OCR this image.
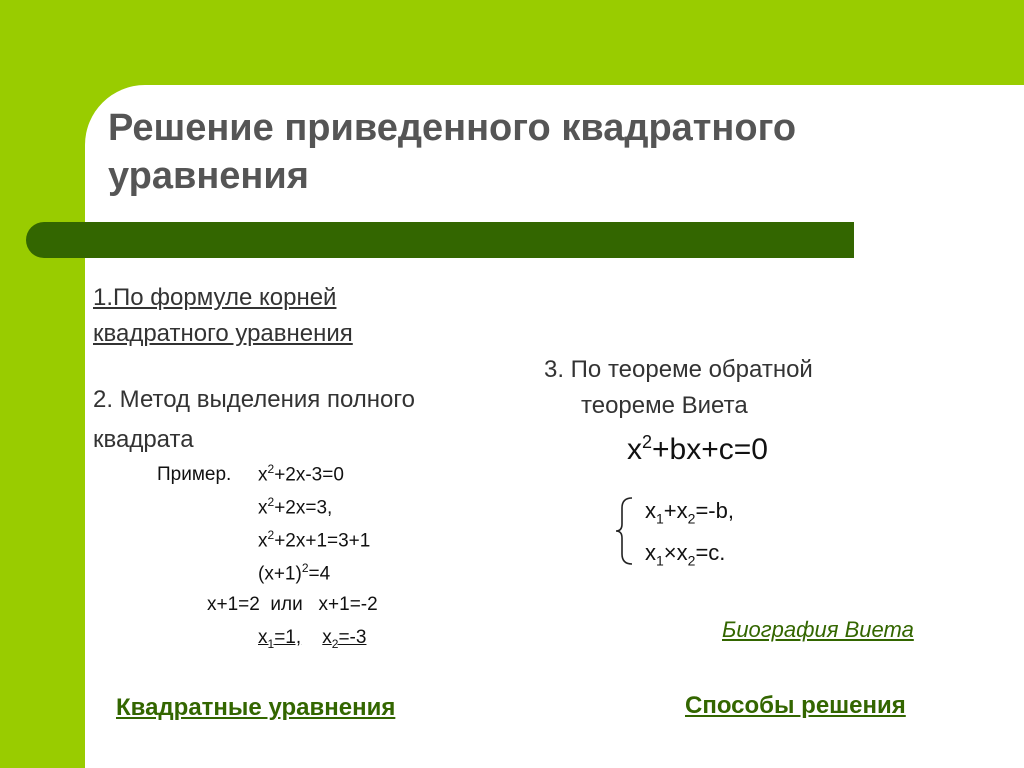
Решение приведенного квадратного уравнения
1.По формуле корней
квадратного уравнения
2. Метод выделения полного
квадрата
Пример. $x^2+2x-3=0$
$x^2+2x=3$,
$x^2+2x+1=3+1$
$(x+1)^2=4$
x+1=2  или   x+1=-2
$x_1=1$, $x_2=-3$
3. По теореме обратной
теореме Виета
$x^2+bx+c=0$
$x_1+x_2=-b$,
$x_1\times x_2=c$.
Биография Виета
Квадратные уравнения	Способы решения
